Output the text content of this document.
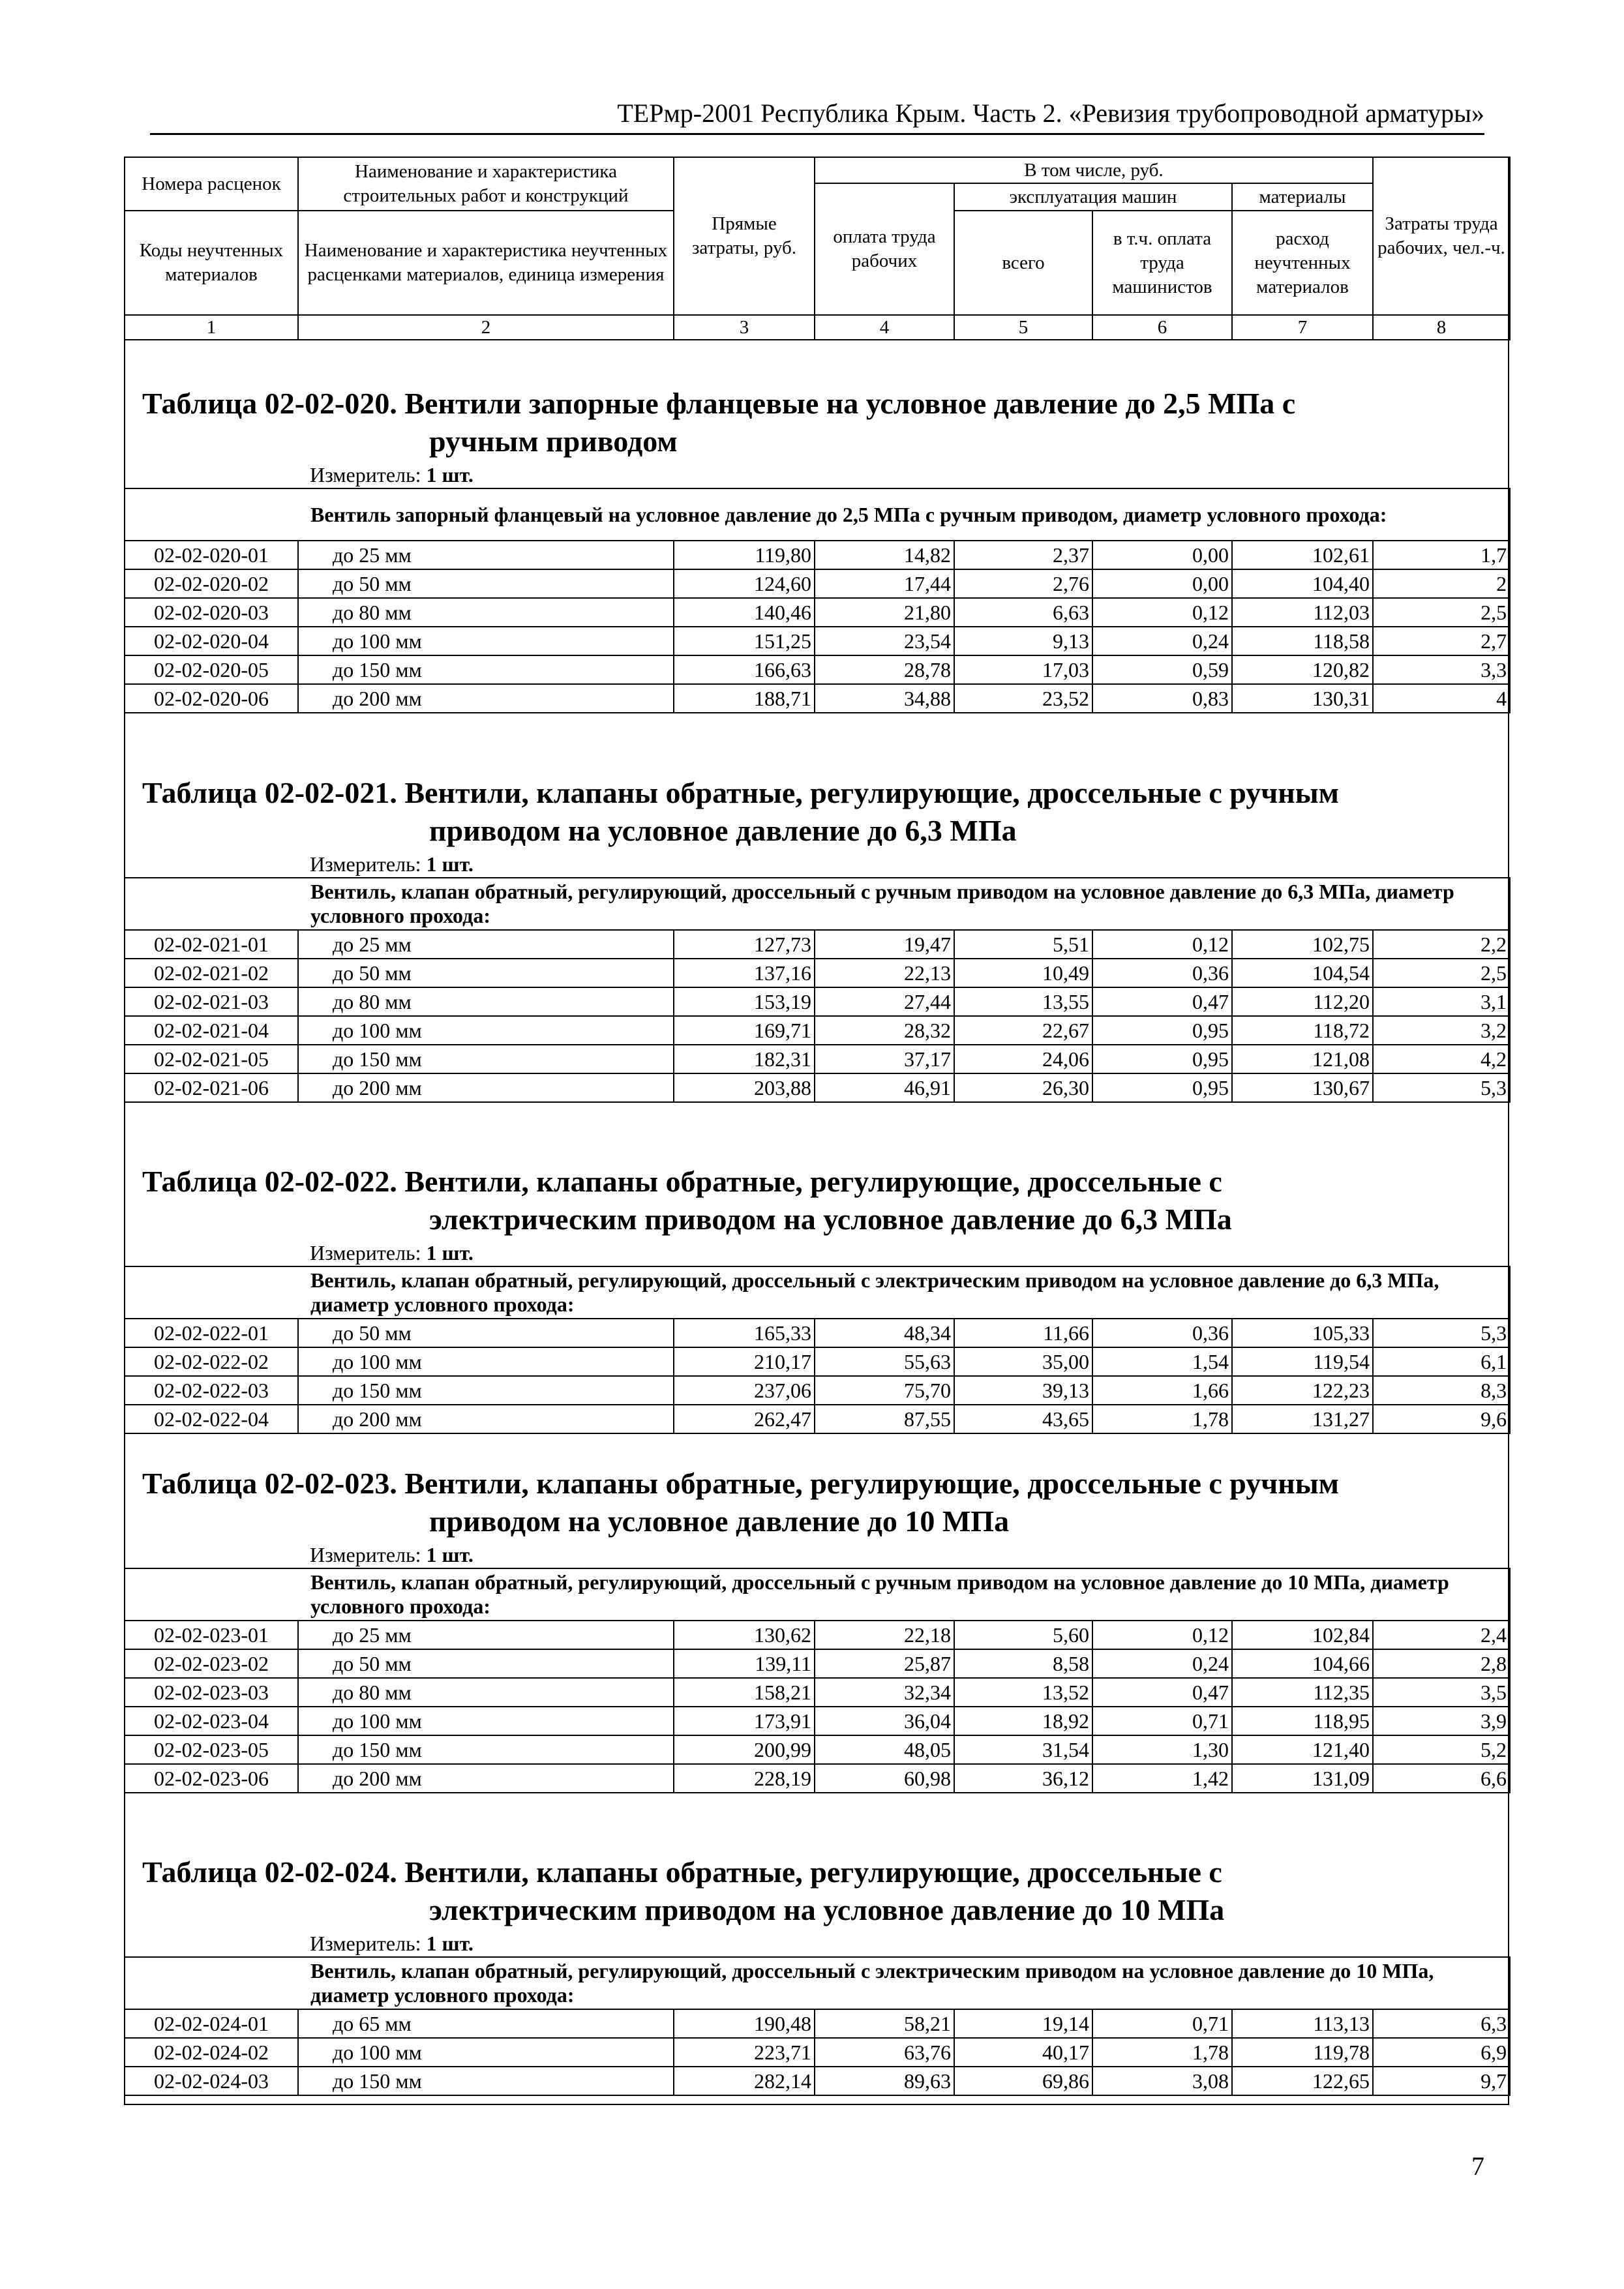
ТЕРмр-2001 Республика Крым. Часть 2. «Ревизия трубопроводной арматуры»
Номера расценок	Наименование и характеристика строительных работ и конструкций	Прямые затраты, руб.	В том числе, руб.				Затраты труда рабочих, чел.-ч.
			оплата труда рабочих	эксплуатация машин		материалы	
Коды неучтенных материалов	Наименование и характеристика неучтенных расценками материалов, единица измерения			всего	в т.ч. оплата труда машинистов	расход неучтенных материалов	

1	2	3	4	5	6	7	8
Таблица 02-02-020. Вентили запорные фланцевые на условное давление до 2,5 МПа с
ручным приводом
Измеритель: 1 шт.
Вентиль запорный фланцевый на условное давление до 2,5 МПа с ручным приводом, диаметр условного прохода:							
02-02-020-01	до 25 мм	119,80	14,82	2,37	0,00	102,61	1,7
02-02-020-02	до 50 мм	124,60	17,44	2,76	0,00	104,40	2
02-02-020-03	до 80 мм	140,46	21,80	6,63	0,12	112,03	2,5
02-02-020-04	до 100 мм	151,25	23,54	9,13	0,24	118,58	2,7
02-02-020-05	до 150 мм	166,63	28,78	17,03	0,59	120,82	3,3
02-02-020-06	до 200 мм	188,71	34,88	23,52	0,83	130,31	4
Таблица 02-02-021. Вентили, клапаны обратные, регулирующие, дроссельные с ручным
приводом на условное давление до 6,3 МПа
Измеритель: 1 шт.
Вентиль, клапан обратный, регулирующий, дроссельный с ручным приводом на условное давление до 6,3 МПа, диаметр условного прохода:							
02-02-021-01	до 25 мм	127,73	19,47	5,51	0,12	102,75	2,2
02-02-021-02	до 50 мм	137,16	22,13	10,49	0,36	104,54	2,5
02-02-021-03	до 80 мм	153,19	27,44	13,55	0,47	112,20	3,1
02-02-021-04	до 100 мм	169,71	28,32	22,67	0,95	118,72	3,2
02-02-021-05	до 150 мм	182,31	37,17	24,06	0,95	121,08	4,2
02-02-021-06	до 200 мм	203,88	46,91	26,30	0,95	130,67	5,3
Таблица 02-02-022. Вентили, клапаны обратные, регулирующие, дроссельные с
электрическим приводом на условное давление до 6,3 МПа
Измеритель: 1 шт.
Вентиль, клапан обратный, регулирующий, дроссельный с электрическим приводом на условное давление до 6,3 МПа, диаметр условного прохода:							
02-02-022-01	до 50 мм	165,33	48,34	11,66	0,36	105,33	5,3
02-02-022-02	до 100 мм	210,17	55,63	35,00	1,54	119,54	6,1
02-02-022-03	до 150 мм	237,06	75,70	39,13	1,66	122,23	8,3
02-02-022-04	до 200 мм	262,47	87,55	43,65	1,78	131,27	9,6
Таблица 02-02-023. Вентили, клапаны обратные, регулирующие, дроссельные с ручным
приводом на условное давление до 10 МПа
Измеритель: 1 шт.
Вентиль, клапан обратный, регулирующий, дроссельный с ручным приводом на условное давление до 10 МПа, диаметр условного прохода:							
02-02-023-01	до 25 мм	130,62	22,18	5,60	0,12	102,84	2,4
02-02-023-02	до 50 мм	139,11	25,87	8,58	0,24	104,66	2,8
02-02-023-03	до 80 мм	158,21	32,34	13,52	0,47	112,35	3,5
02-02-023-04	до 100 мм	173,91	36,04	18,92	0,71	118,95	3,9
02-02-023-05	до 150 мм	200,99	48,05	31,54	1,30	121,40	5,2
02-02-023-06	до 200 мм	228,19	60,98	36,12	1,42	131,09	6,6
Таблица 02-02-024. Вентили, клапаны обратные, регулирующие, дроссельные с
электрическим приводом на условное давление до 10 МПа
Измеритель: 1 шт.
Вентиль, клапан обратный, регулирующий, дроссельный с электрическим приводом на условное давление до 10 МПа, диаметр условного прохода:							
02-02-024-01	до 65 мм	190,48	58,21	19,14	0,71	113,13	6,3
02-02-024-02	до 100 мм	223,71	63,76	40,17	1,78	119,78	6,9
02-02-024-03	до 150 мм	282,14	89,63	69,86	3,08	122,65	9,7
7
